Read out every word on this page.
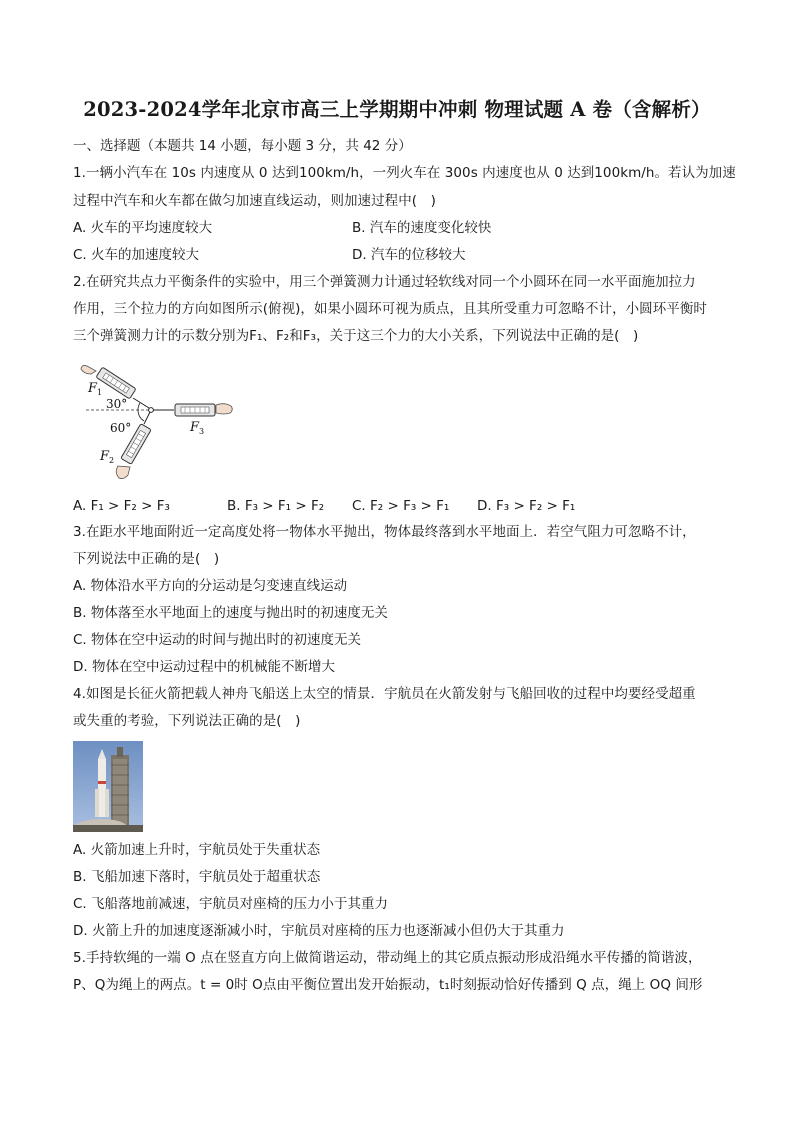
2023-2024学年北京市高三上学期期中冲刺 物理试题 A 卷（含解析）
一、选择题（本题共 14 小题，每小题 3 分，共 42 分）
1.一辆小汽车在 10s 内速度从 0 达到100km/h，一列火车在 300s 内速度也从 0 达到100km/h。若认为加速
过程中汽车和火车都在做匀加速直线运动，则加速过程中(　)
A. 火车的平均速度较大	B. 汽车的速度变化较快
C. 火车的加速度较大	D. 汽车的位移较大
2.在研究共点力平衡条件的实验中，用三个弹簧测力计通过轻软线对同一个小圆环在同一水平面施加拉力
作用，三个拉力的方向如图所示(俯视)，如果小圆环可视为质点，且其所受重力可忽略不计，小圆环平衡时
三个弹簧测力计的示数分别为F₁、F₂和F₃，关于这三个力的大小关系，下列说法中正确的是(　)
$F_1$
30°
60°	$F_3$
$F_2$
A. F₁ > F₂ > F₃	B. F₃ > F₁ > F₂ C. F₂ > F₃ > F₁ D. F₃ > F₂ > F₁
3.在距水平地面附近一定高度处将一物体水平抛出，物体最终落到水平地面上．若空气阻力可忽略不计，
下列说法中正确的是(　)
A. 物体沿水平方向的分运动是匀变速直线运动
B. 物体落至水平地面上的速度与抛出时的初速度无关
C. 物体在空中运动的时间与抛出时的初速度无关
D. 物体在空中运动过程中的机械能不断增大
4.如图是长征火箭把载人神舟飞船送上太空的情景．宇航员在火箭发射与飞船回收的过程中均要经受超重
或失重的考验，下列说法正确的是(　)
A. 火箭加速上升时，宇航员处于失重状态
B. 飞船加速下落时，宇航员处于超重状态
C. 飞船落地前减速，宇航员对座椅的压力小于其重力
D. 火箭上升的加速度逐渐减小时，宇航员对座椅的压力也逐渐减小但仍大于其重力
5.手持软绳的一端 O 点在竖直方向上做简谐运动，带动绳上的其它质点振动形成沿绳水平传播的简谐波，
P、Q为绳上的两点。t = 0时 O点由平衡位置出发开始振动，t₁时刻振动恰好传播到 Q 点，绳上 OQ 间形
